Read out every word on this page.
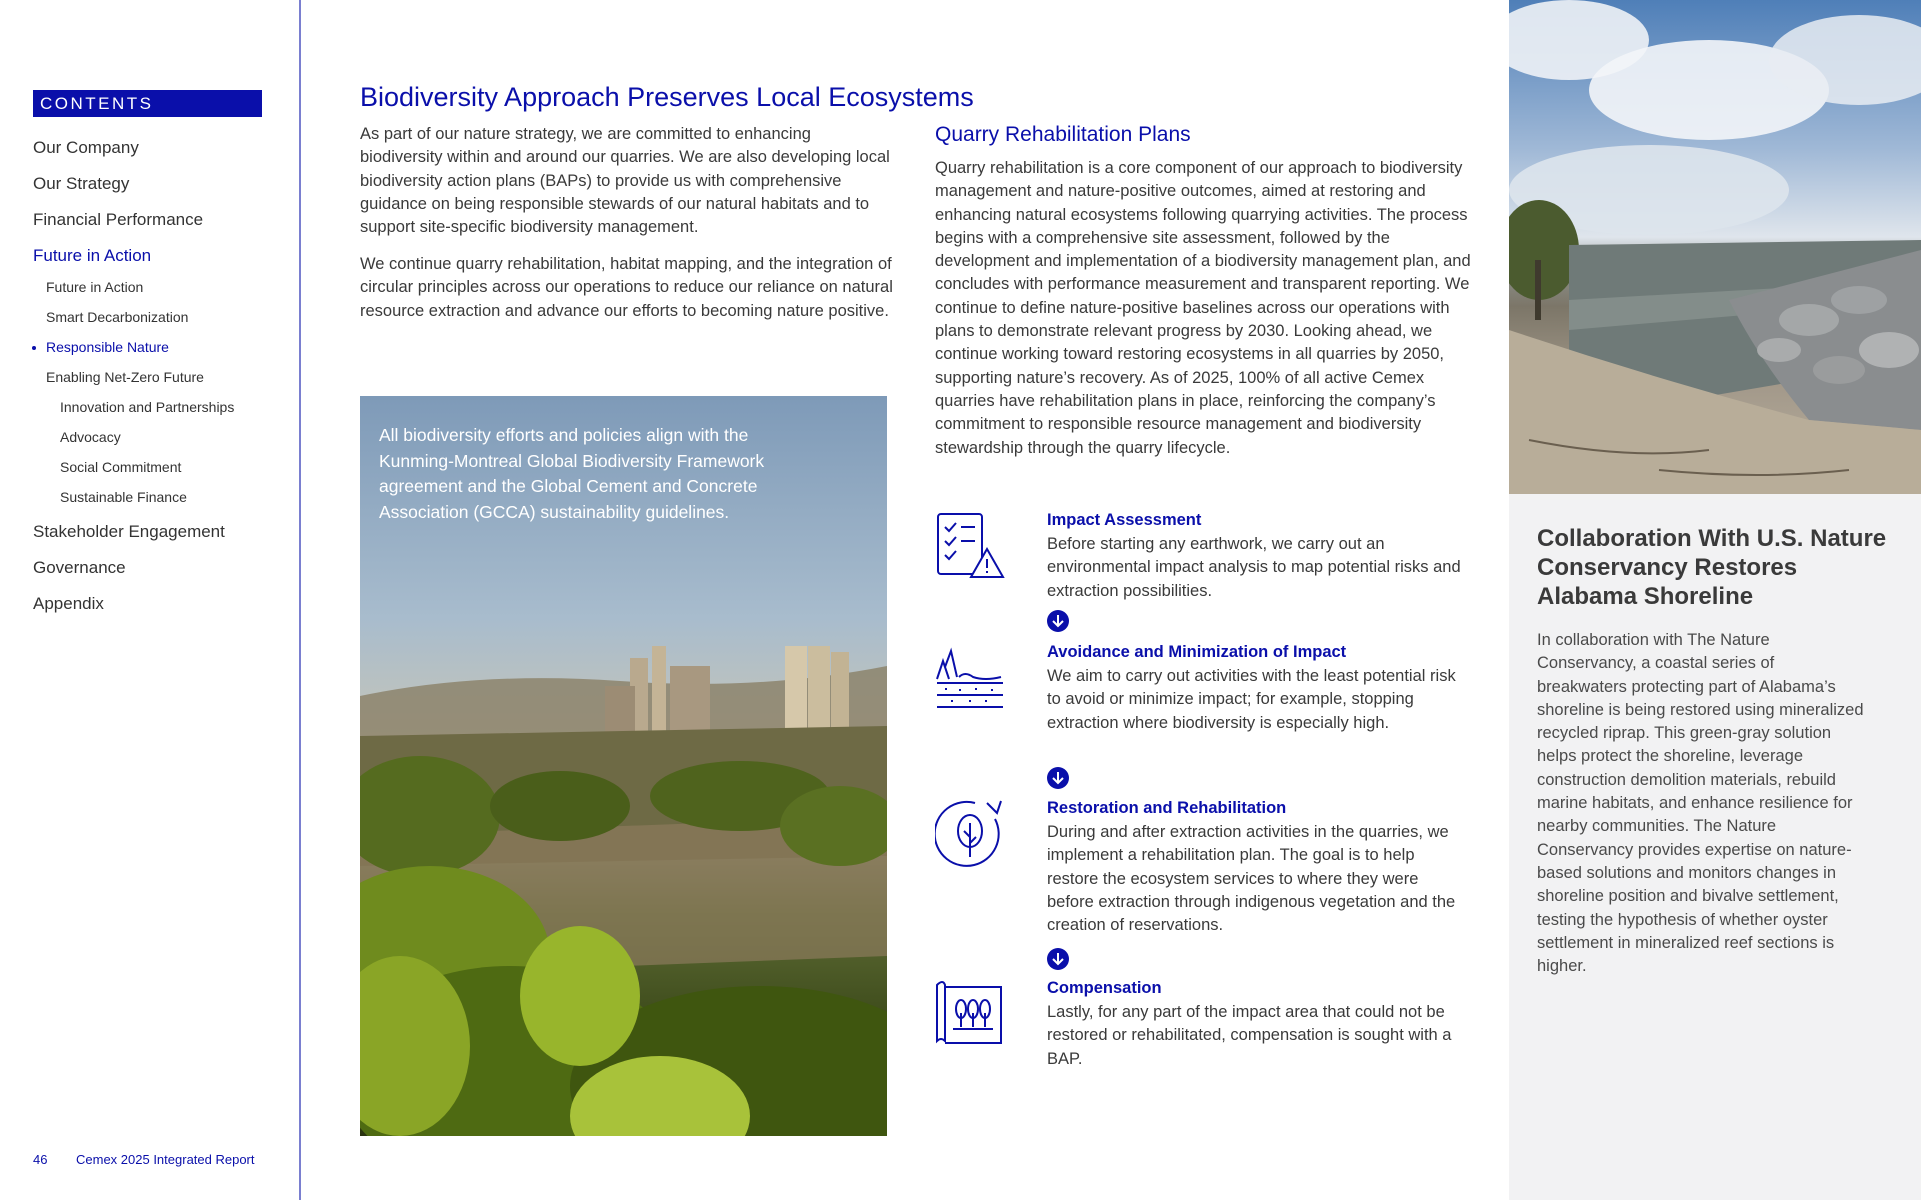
CONTENTS
Our Company
Our Strategy
Financial Performance
Future in Action
Future in Action
Smart Decarbonization
Responsible Nature
Enabling Net-Zero Future
Innovation and Partnerships
Advocacy
Social Commitment
Sustainable Finance
Stakeholder Engagement
Governance
Appendix
46 Cemex 2025 Integrated Report
Biodiversity Approach Preserves Local Ecosystems

As part of our nature strategy, we are committed to enhancing biodiversity within and around our quarries. We are also developing local biodiversity action plans (BAPs) to provide us with comprehensive guidance on being responsible stewards of our natural habitats and to support site-specific biodiversity management.

We continue quarry rehabilitation, habitat mapping, and the integration of circular principles across our operations to reduce our reliance on natural resource extraction and advance our efforts to becoming nature positive.

All biodiversity efforts and policies align with the Kunming-Montreal Global Biodiversity Framework agreement and the Global Cement and Concrete Association (GCCA) sustainability guidelines.
Quarry Rehabilitation Plans

Quarry rehabilitation is a core component of our approach to biodiversity management and nature-positive outcomes, aimed at restoring and enhancing natural ecosystems following quarrying activities. The process begins with a comprehensive site assessment, followed by the development and implementation of a biodiversity management plan, and concludes with performance measurement and transparent reporting. We continue to define nature-positive baselines across our operations with plans to demonstrate relevant progress by 2030. Looking ahead, we continue working toward restoring ecosystems in all quarries by 2050, supporting nature’s recovery. As of 2025, 100% of all active Cemex quarries have rehabilitation plans in place, reinforcing the company’s commitment to responsible resource management and biodiversity stewardship through the quarry lifecycle.

Impact Assessment
Before starting any earthwork, we carry out an environmental impact analysis to map potential risks and extraction possibilities.
Avoidance and Minimization of Impact
We aim to carry out activities with the least potential risk to avoid or minimize impact; for example, stopping extraction where biodiversity is especially high.
Restoration and Rehabilitation
During and after extraction activities in the quarries, we implement a rehabilitation plan. The goal is to help restore the ecosystem services to where they were before extraction through indigenous vegetation and the creation of reservations.
Compensation
Lastly, for any part of the impact area that could not be restored or rehabilitated, compensation is sought with a BAP.
Collaboration With U.S. Nature Conservancy Restores Alabama Shoreline

In collaboration with The Nature Conservancy, a coastal series of breakwaters protecting part of Alabama’s shoreline is being restored using mineralized recycled riprap. This green-gray solution helps protect the shoreline, leverage construction demolition materials, rebuild marine habitats, and enhance resilience for nearby communities. The Nature Conservancy provides expertise on nature-based solutions and monitors changes in shoreline position and bivalve settlement, testing the hypothesis of whether oyster settlement in mineralized reef sections is higher.
